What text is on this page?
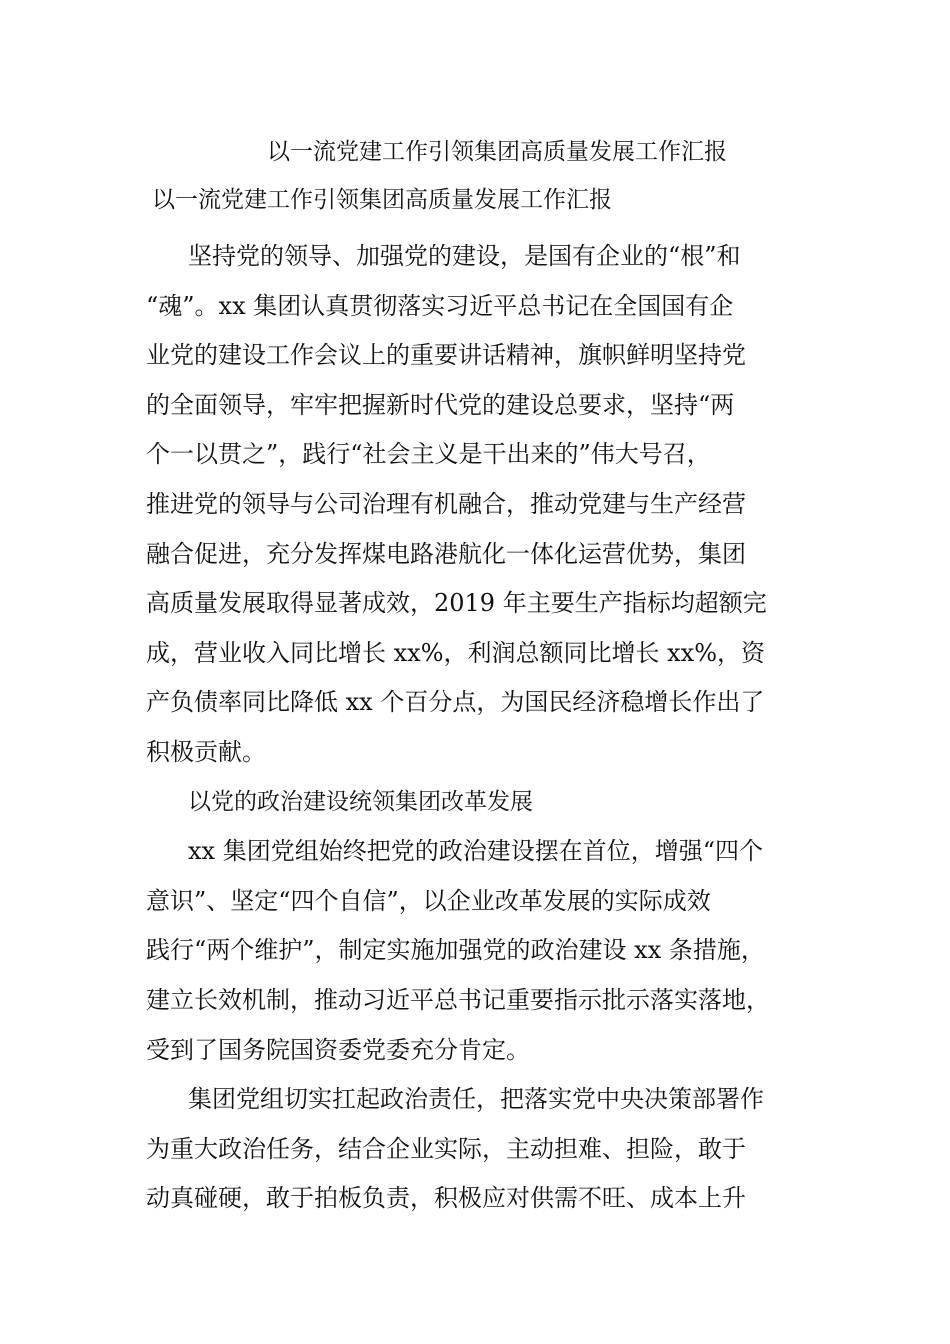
以一流党建工作引领集团高质量发展工作汇报
以一流党建工作引领集团高质量发展工作汇报
坚持党的领导、加强党的建设，是国有企业的“根”和
“魂”。xx 集团认真贯彻落实习近平总书记在全国国有企
业党的建设工作会议上的重要讲话精神，旗帜鲜明坚持党
的全面领导，牢牢把握新时代党的建设总要求，坚持“两
个一以贯之”，践行“社会主义是干出来的”伟大号召，
推进党的领导与公司治理有机融合，推动党建与生产经营
融合促进，充分发挥煤电路港航化一体化运营优势，集团
高质量发展取得显著成效，2019 年主要生产指标均超额完
成，营业收入同比增长 xx%，利润总额同比增长 xx%，资
产负债率同比降低 xx 个百分点，为国民经济稳增长作出了
积极贡献。
以党的政治建设统领集团改革发展
xx 集团党组始终把党的政治建设摆在首位，增强“四个
意识”、坚定“四个自信”，以企业改革发展的实际成效
践行“两个维护”，制定实施加强党的政治建设 xx 条措施，
建立长效机制，推动习近平总书记重要指示批示落实落地，
受到了国务院国资委党委充分肯定。
集团党组切实扛起政治责任，把落实党中央决策部署作
为重大政治任务，结合企业实际，主动担难、担险，敢于
动真碰硬，敢于拍板负责，积极应对供需不旺、成本上升
